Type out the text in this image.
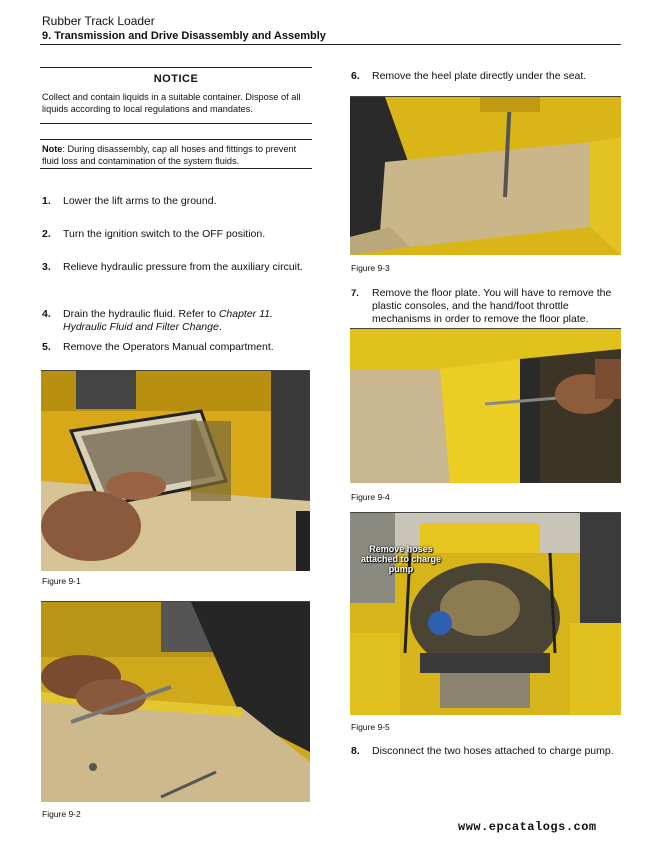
Rubber Track Loader
9. Transmission and Drive Disassembly and Assembly
NOTICE
Collect and contain liquids in a suitable container. Dispose of all liquids according to local regulations and mandates.
Note: During disassembly, cap all hoses and fittings to prevent fluid loss and contamination of the system fluids.
1. Lower the lift arms to the ground.
2. Turn the ignition switch to the OFF position.
3. Relieve hydraulic pressure from the auxiliary circuit.
4. Drain the hydraulic fluid. Refer to Chapter 11. Hydraulic Fluid and Filter Change.
5. Remove the Operators Manual compartment.
Figure 9-1
Figure 9-2
6. Remove the heel plate directly under the seat.
Figure 9-3
7. Remove the floor plate. You will have to remove the plastic consoles, and the hand/foot throttle mechanisms in order to remove the floor plate.
Figure 9-4
Remove hoses attached to charge pump
Figure 9-5
8. Disconnect the two hoses attached to charge pump.
www.epcatalogs.com
